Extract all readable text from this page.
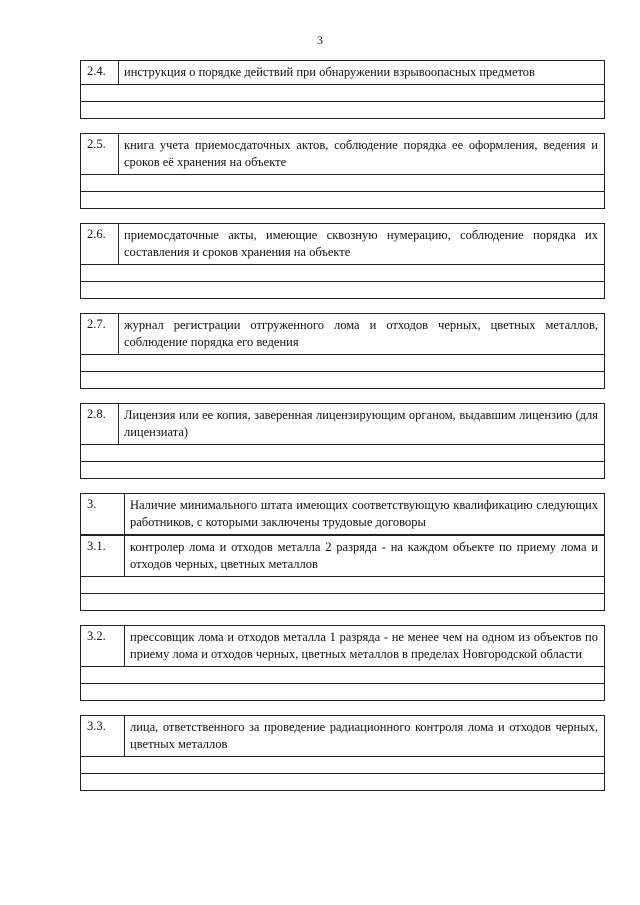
3
2.4.	инструкция о порядке действий при обнаружении взрывоопасных предметов
2.5.	книга учета приемосдаточных актов, соблюдение порядка ее оформления, ведения и сроков её хранения на объекте
2.6.	приемосдаточные акты, имеющие сквозную нумерацию, соблюдение порядка их составления и сроков хранения на объекте
2.7.	журнал регистрации отгруженного лома и отходов черных, цветных металлов, соблюдение порядка его ведения
2.8.	Лицензия или ее копия, заверенная лицензирующим органом, выдавшим лицензию (для лицензиата)
3.	Наличие минимального штата имеющих соответствующую квалификацию следующих работников, с которыми заключены трудовые договоры
3.1.	контролер лома и отходов металла 2 разряда - на каждом объекте по приему лома и отходов черных, цветных металлов
3.2.	прессовщик лома и отходов металла 1 разряда - не менее чем на одном из объектов по приему лома и отходов черных, цветных металлов в пределах Новгородской области
3.3.	лица, ответственного за проведение радиационного контроля лома и отходов черных, цветных металлов
